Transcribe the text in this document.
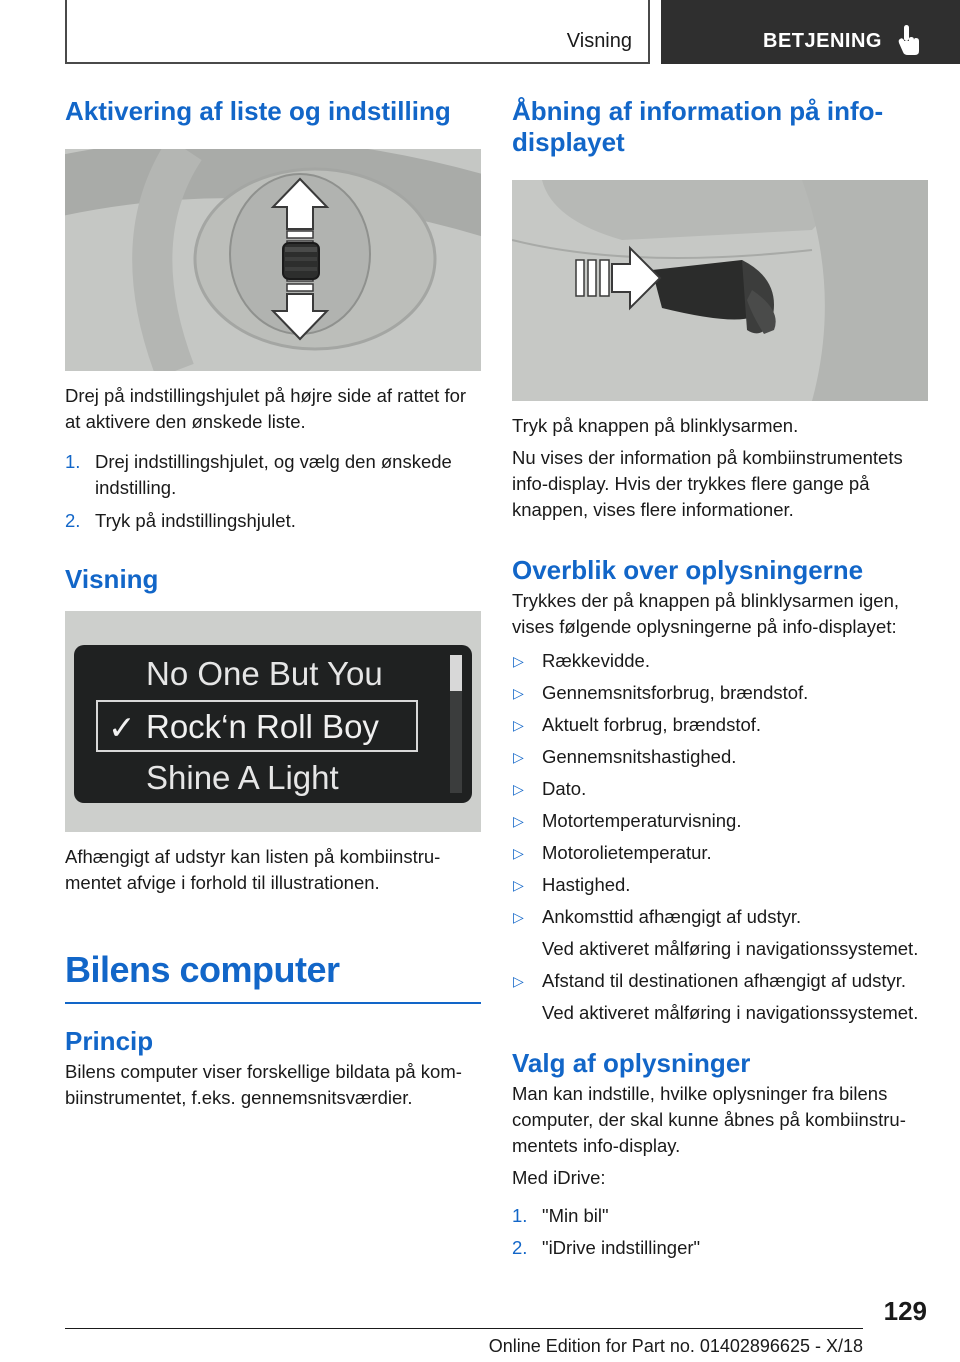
Visning	BETJENING
Aktivering af liste og indstilling

Drej på indstillingshjulet på højre side af rattet for at aktivere den ønskede liste.

1. Drej indstillingshjulet, og vælg den ønskede indstilling.
2. Tryk på indstillingshjulet.
Visning
No One But You
✓ Rock‘n Roll Boy
Shine A Light

Afhængigt af udstyr kan listen på kombiinstrumentet afvige i forhold til illustrationen.

Bilens computer
Princip

Bilens computer viser forskellige bildata på kombiinstrumentet, f.eks. gennemsnitsværdier.

Åbning af information på infodisplayet

Tryk på knappen på blinklysarmen.

Nu vises der information på kombiinstrumentets info-display. Hvis der trykkes flere gange på knappen, vises flere informationer.

Overblik over oplysningerne

Trykkes der på knappen på blinklysarmen igen, vises følgende oplysningerne på info-displayet:

▷ Rækkevidde.
▷ Gennemsnitsforbrug, brændstof.
▷ Aktuelt forbrug, brændstof.
▷ Gennemsnitshastighed.
▷ Dato.
▷ Motortemperaturvisning.
▷ Motorolietemperatur.
▷ Hastighed.
▷ Ankomsttid afhængigt af udstyr.
Ved aktiveret målføring i navigationssystemet.
▷ Afstand til destinationen afhængigt af udstyr.
Ved aktiveret målføring i navigationssystemet.
Valg af oplysninger

Man kan indstille, hvilke oplysninger fra bilens computer, der skal kunne åbnes på kombiinstrumentets info-display.

Med iDrive:

1. "Min bil"
2. "iDrive indstillinger"
129
Online Edition for Part no. 01402896625 - X/18
